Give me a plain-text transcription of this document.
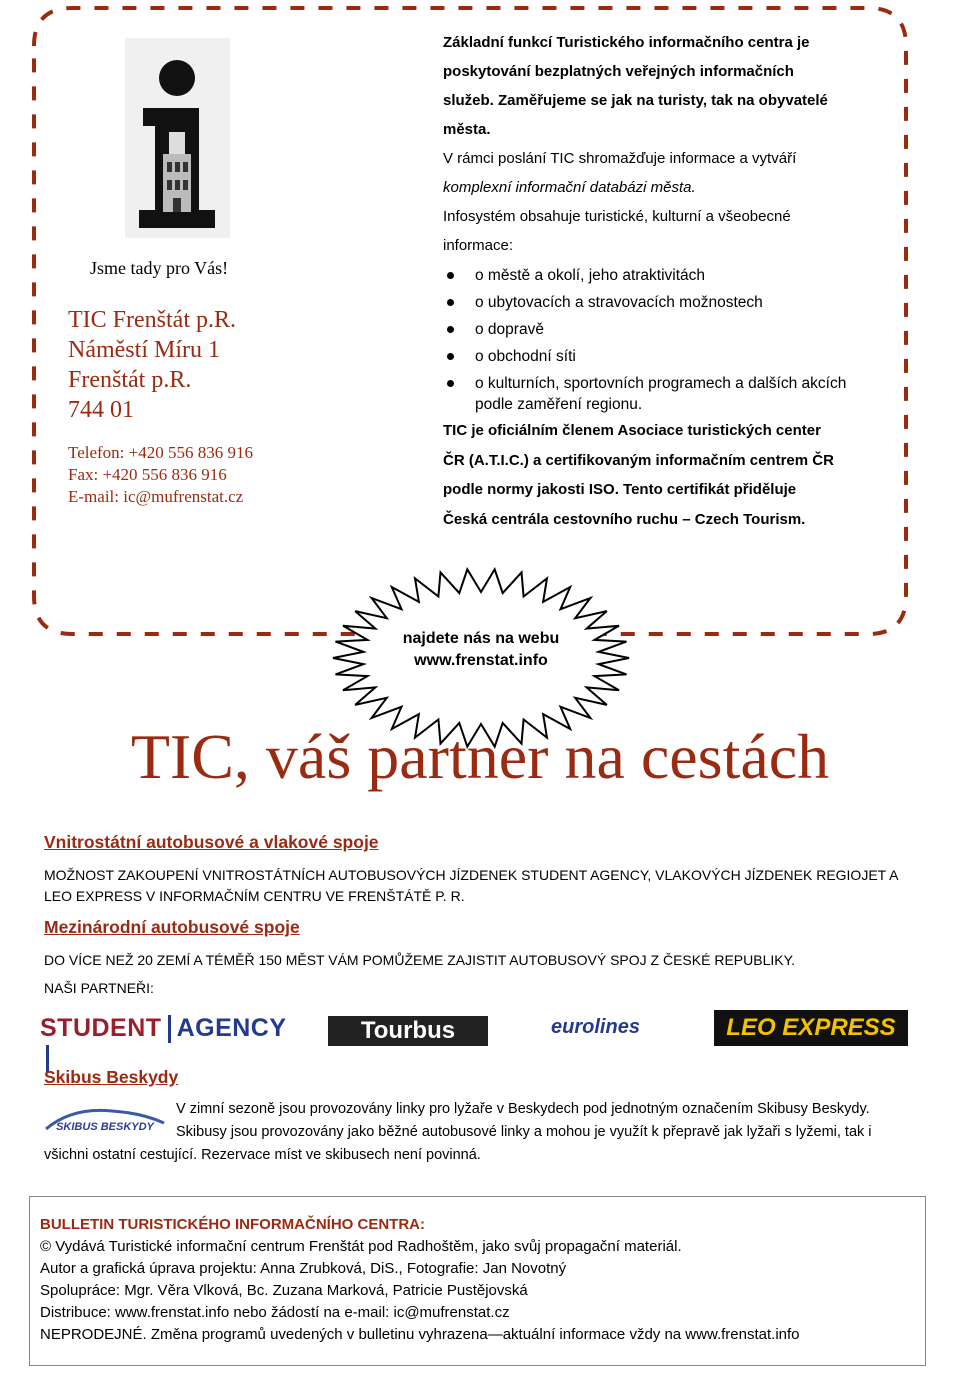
Jsme tady pro Vás!
TIC Frenštát p.R.
Náměstí Míru 1
Frenštát p.R.
744 01
Telefon: +420 556 836 916
Fax: +420 556 836 916
E-mail: ic@mufrenstat.cz

Základní funkcí Turistického informačního centra je poskytování bezplatných veřejných informačních služeb. Zaměřujeme se jak na turisty, tak na obyvatelé města.

V rámci poslání TIC shromažďuje informace a vytváří komplexní informační databázi města.

Infosystém obsahuje turistické, kulturní a všeobecné informace:

o městě a okolí, jeho atraktivitách
o ubytovacích a stravovacích možnostech
o dopravě
o obchodní síti
o kulturních, sportovních programech a dalších akcích podle zaměření regionu.
TIC je oficiálním členem Asociace turistických center ČR (A.T.I.C.) a certifikovaným informačním centrem ČR podle normy jakosti ISO. Tento certifikát přiděluje Česká centrála cestovního ruchu – Czech Tourism.
najdete nás na webu
www.frenstat.info
TIC, váš partner na cestách
Vnitrostátní autobusové a vlakové spoje
MOŽNOST ZAKOUPENÍ VNITROSTÁTNÍCH AUTOBUSOVÝCH JÍZDENEK STUDENT AGENCY, VLAKOVÝCH JÍZDENEK REGIOJET A LEO EXPRESS V INFORMAČNÍM CENTRU VE FRENŠTÁTĚ P. R.
Mezinárodní autobusové spoje
DO VÍCE NEŽ 20 ZEMÍ A TÉMĚŘ 150 MĚST VÁM POMŮŽEME ZAJISTIT AUTOBUSOVÝ SPOJ Z ČESKÉ REPUBLIKY.
NAŠI PARTNEŘI:
STUDENT AGENCY	Tourbus	eurolines	LEO EXPRESS
Skibus Beskydy
SKIBUS BESKYDY
V zimní sezoně jsou provozovány linky pro lyžaře v Beskydech pod jednotným označením Skibusy Beskydy.
Skibusy jsou provozovány jako běžné autobusové linky a mohou je využít k přepravě jak lyžaři s lyžemi, tak i
všichni ostatní cestující. Rezervace míst ve skibusech není povinná.
BULLETIN TURISTICKÉHO INFORMAČNÍHO CENTRA:
© Vydává Turistické informační centrum Frenštát pod Radhoštěm, jako svůj propagační materiál.
Autor a grafická úprava projektu: Anna Zrubková, DiS., Fotografie: Jan Novotný
Spolupráce: Mgr. Věra Vlková, Bc. Zuzana Marková, Patricie Pustějovská
Distribuce: www.frenstat.info nebo žádostí na e-mail: ic@mufrenstat.cz
NEPRODEJNÉ. Změna programů uvedených v bulletinu vyhrazena—aktuální informace vždy na www.frenstat.info
